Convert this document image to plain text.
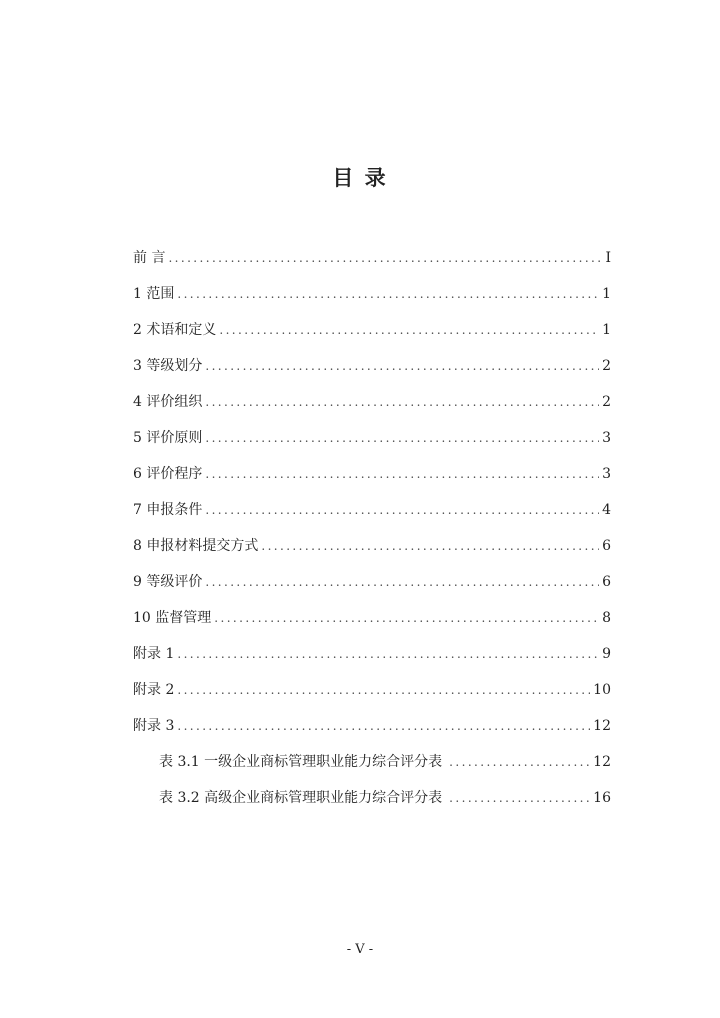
目 录
前 言 .....	I
1 范围 .....	1
2 术语和定义 .....	1
3 等级划分 .....	2
4 评价组织 .....	2
5 评价原则 .....	3
6 评价程序 .....	3
7 申报条件 .....	4
8 申报材料提交方式 .....	6
9 等级评价 .....	6
10 监督管理 .....	8
附录 1 .....	9
附录 2 .....	10
附录 3 .....	12
表 3.1 一级企业商标管理职业能力综合评分表 .....	12
表 3.2 高级企业商标管理职业能力综合评分表 .....	16
- V -
